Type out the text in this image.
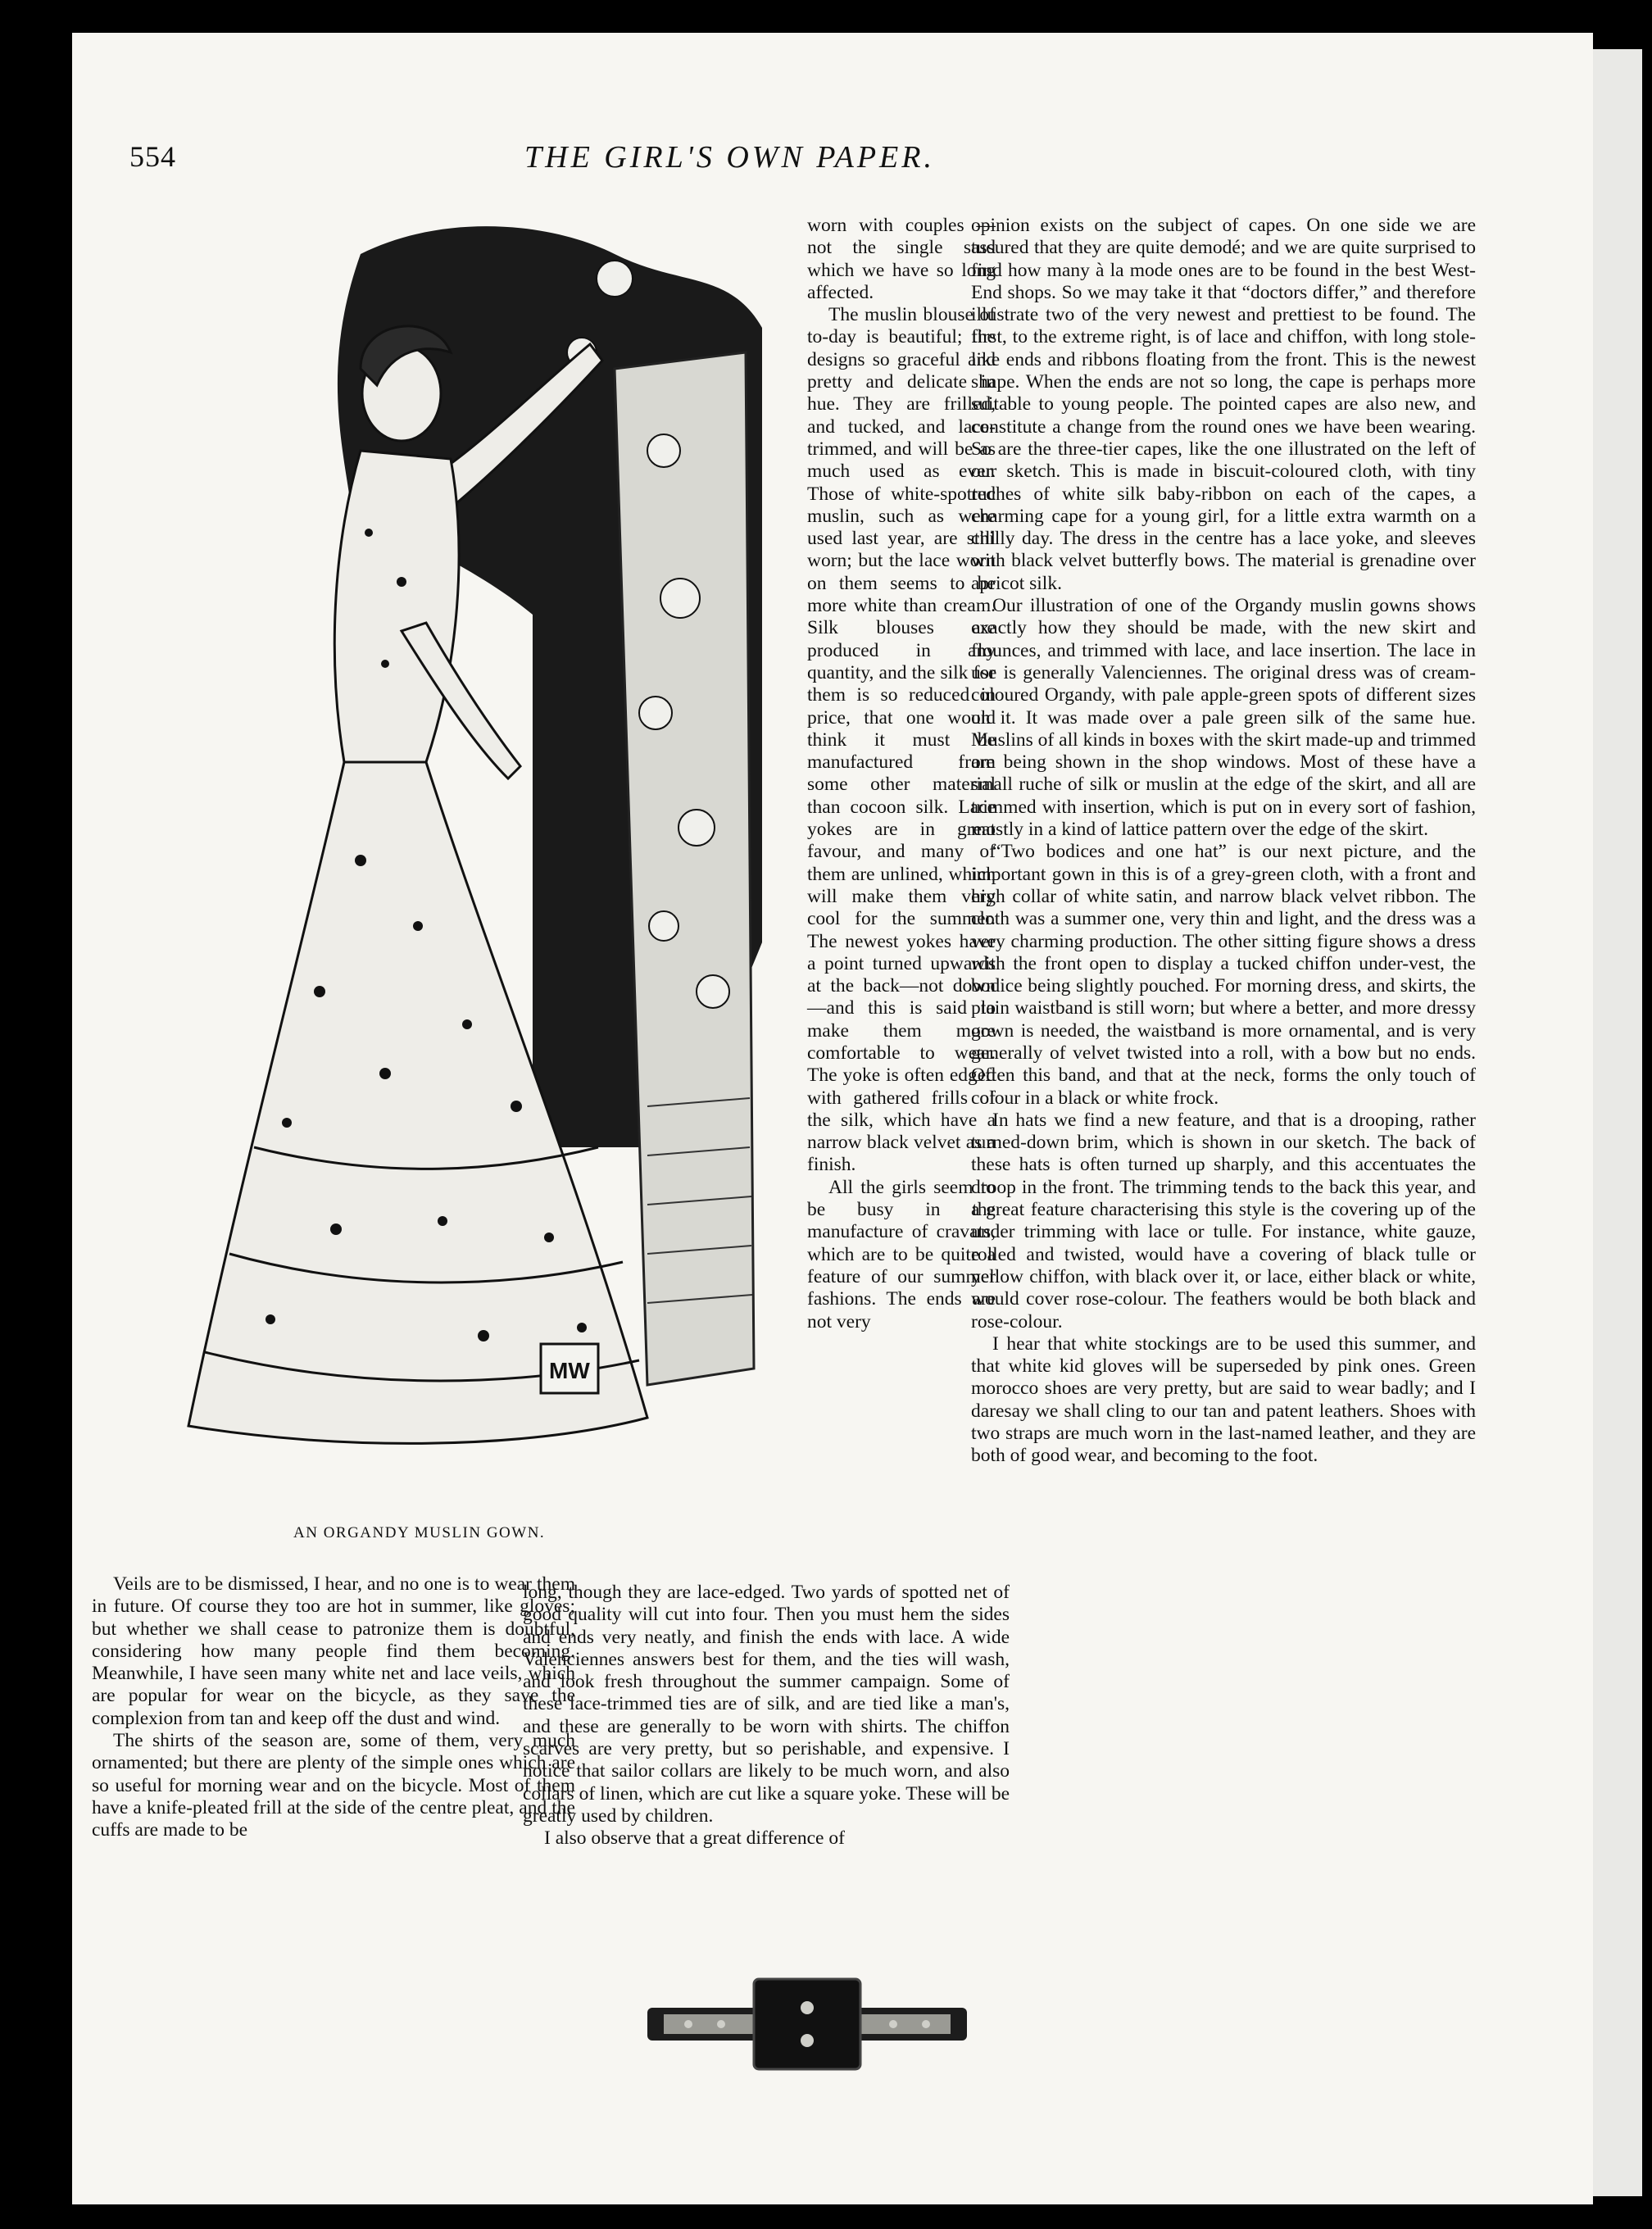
554	THE GIRL'S OWN PAPER.
MW
AN ORGANDY MUSLIN GOWN.

worn with couples —not the single stud which we have so long affected.

The muslin blouse of to-day is beautiful; the designs so graceful and pretty and delicate in hue. They are frilled, and tucked, and lace-trimmed, and will be as much used as ever. Those of white-spotted muslin, such as were used last year, are still worn; but the lace worn on them seems to be more white than cream. Silk blouses are produced in any quantity, and the silk for them is so reduced in price, that one would think it must be manufactured from some other material than cocoon silk. Lace yokes are in great favour, and many of them are unlined, which will make them very cool for the summer. The newest yokes have a point turned upwards at the back—not down—and this is said to make them more comfortable to wear. The yoke is often edged with gathered frills of the silk, which have a narrow black velvet as a finish.

All the girls seem to be busy in the manufacture of cravats, which are to be quite a feature of our summer fashions. The ends are not very

opinion exists on the subject of capes. On one side we are assured that they are quite demodé; and we are quite surprised to find how many à la mode ones are to be found in the best West-End shops. So we may take it that “doctors differ,” and therefore illustrate two of the very newest and prettiest to be found. The first, to the extreme right, is of lace and chiffon, with long stole-like ends and ribbons floating from the front. This is the newest shape. When the ends are not so long, the cape is perhaps more suitable to young people. The pointed capes are also new, and constitute a change from the round ones we have been wearing. So are the three-tier capes, like the one illustrated on the left of our sketch. This is made in biscuit-coloured cloth, with tiny ruches of white silk baby-ribbon on each of the capes, a charming cape for a young girl, for a little extra warmth on a chilly day. The dress in the centre has a lace yoke, and sleeves with black velvet butterfly bows. The material is grenadine over apricot silk.

Our illustration of one of the Organdy muslin gowns shows exactly how they should be made, with the new skirt and flounces, and trimmed with lace, and lace insertion. The lace in use is generally Valenciennes. The original dress was of cream-coloured Organdy, with pale apple-green spots of different sizes on it. It was made over a pale green silk of the same hue. Muslins of all kinds in boxes with the skirt made-up and trimmed are being shown in the shop windows. Most of these have a small ruche of silk or muslin at the edge of the skirt, and all are trimmed with insertion, which is put on in every sort of fashion, mostly in a kind of lattice pattern over the edge of the skirt.

“Two bodices and one hat” is our next picture, and the important gown in this is of a grey-green cloth, with a front and high collar of white satin, and narrow black velvet ribbon. The cloth was a summer one, very thin and light, and the dress was a very charming production. The other sitting figure shows a dress with the front open to display a tucked chiffon under-vest, the bodice being slightly pouched. For morning dress, and skirts, the plain waistband is still worn; but where a better, and more dressy gown is needed, the waistband is more ornamental, and is very generally of velvet twisted into a roll, with a bow but no ends. Often this band, and that at the neck, forms the only touch of colour in a black or white frock.

In hats we find a new feature, and that is a drooping, rather turned-down brim, which is shown in our sketch. The back of these hats is often turned up sharply, and this accentuates the droop in the front. The trimming tends to the back this year, and a great feature characterising this style is the covering up of the under trimming with lace or tulle. For instance, white gauze, rolled and twisted, would have a covering of black tulle or yellow chiffon, with black over it, or lace, either black or white, would cover rose-colour. The feathers would be both black and rose-colour.

I hear that white stockings are to be used this summer, and that white kid gloves will be superseded by pink ones. Green morocco shoes are very pretty, but are said to wear badly; and I daresay we shall cling to our tan and patent leathers. Shoes with two straps are much worn in the last-named leather, and they are both of good wear, and becoming to the foot.

Veils are to be dismissed, I hear, and no one is to wear them in future. Of course they too are hot in summer, like gloves; but whether we shall cease to patronize them is doubtful, considering how many people find them becoming. Meanwhile, I have seen many white net and lace veils, which are popular for wear on the bicycle, as they save the complexion from tan and keep off the dust and wind.

The shirts of the season are, some of them, very much ornamented; but there are plenty of the simple ones which are so useful for morning wear and on the bicycle. Most of them have a knife-pleated frill at the side of the centre pleat, and the cuffs are made to be

long, though they are lace-edged. Two yards of spotted net of good quality will cut into four. Then you must hem the sides and ends very neatly, and finish the ends with lace. A wide Valenciennes answers best for them, and the ties will wash, and look fresh throughout the summer campaign. Some of these lace-trimmed ties are of silk, and are tied like a man's, and these are generally to be worn with shirts. The chiffon scarves are very pretty, but so perishable, and expensive. I notice that sailor collars are likely to be much worn, and also collars of linen, which are cut like a square yoke. These will be greatly used by children.

I also observe that a great difference of
